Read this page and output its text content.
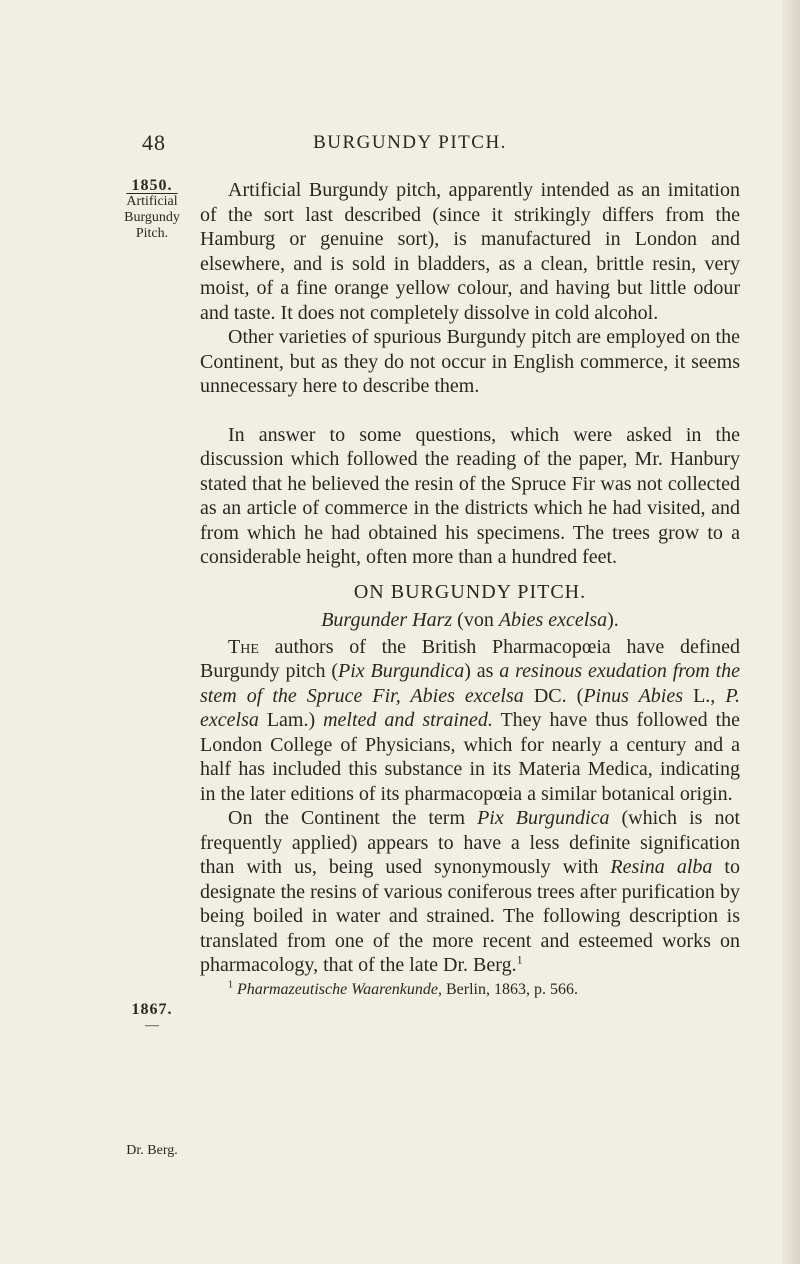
48	BURGUNDY PITCH.
1850.
Artificial
Burgundy
Pitch.
1867.
—
Dr. Berg.

Artificial Burgundy pitch, apparently intended as an imitation of the sort last described (since it strikingly differs from the Hamburg or genuine sort), is manufactured in London and elsewhere, and is sold in bladders, as a clean, brittle resin, very moist, of a fine orange yellow colour, and having but little odour and taste. It does not completely dissolve in cold alcohol.

Other varieties of spurious Burgundy pitch are employed on the Continent, but as they do not occur in English commerce, it seems unnecessary here to describe them.

In answer to some questions, which were asked in the discussion which followed the reading of the paper, Mr. Hanbury stated that he believed the resin of the Spruce Fir was not collected as an article of commerce in the districts which he had visited, and from which he had obtained his specimens. The trees grow to a considerable height, often more than a hundred feet.

ON BURGUNDY PITCH.
Burgunder Harz (von Abies excelsa).

The authors of the British Pharmacopœia have defined Burgundy pitch (Pix Burgundica) as a resinous exudation from the stem of the Spruce Fir, Abies excelsa DC. (Pinus Abies L., P. excelsa Lam.) melted and strained. They have thus followed the London College of Physicians, which for nearly a century and a half has included this substance in its Materia Medica, indicating in the later editions of its pharmacopœia a similar botanical origin.

On the Continent the term Pix Burgundica (which is not frequently applied) appears to have a less definite signification than with us, being used synonymously with Resina alba to designate the resins of various coniferous trees after purification by being boiled in water and strained. The following description is translated from one of the more recent and esteemed works on pharmacology, that of the late Dr. Berg.$^1$

$^1$ Pharmazeutische Waarenkunde, Berlin, 1863, p. 566.
